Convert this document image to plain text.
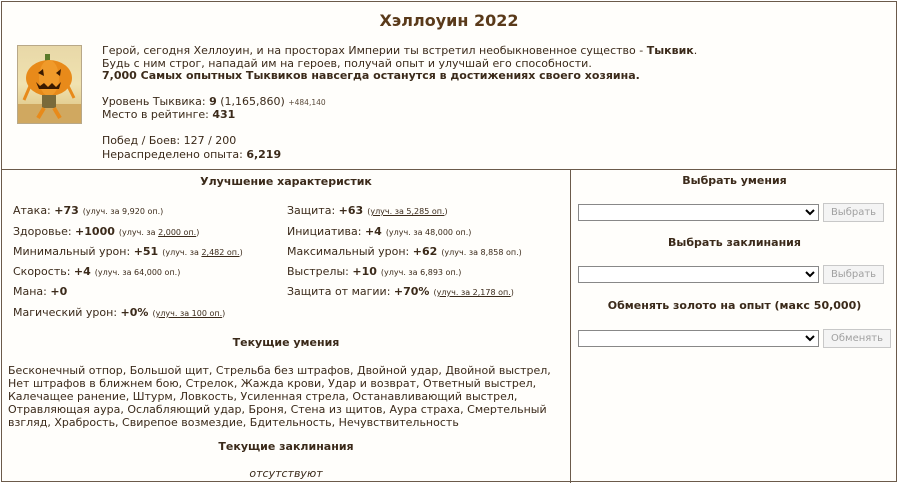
Хэллоуин 2022
Герой, сегодня Хеллоуин, и на просторах Империи ты встретил необыкновенное существо - Тыквик.
Будь с ним строг, нападай им на героев, получай опыт и улучшай его способности.
7,000 Самых опытных Тыквиков навсегда останутся в достижениях своего хозяина.
Уровень Тыквика: 9 (1,165,860) +484,140
Место в рейтинге: 431
Побед / Боев: 127 / 200
Нераспределено опыта: 6,219
Улучшение характеристик
Атака: +73 (улуч. за 9,920 оп.)
Здоровье: +1000 (улуч. за 2,000 оп.)
Минимальный урон: +51 (улуч. за 2,482 оп.)
Скорость: +4 (улуч. за 64,000 оп.)
Мана: +0
Магический урон: +0% (улуч. за 100 оп.)
Защита: +63 (улуч. за 5,285 оп.)
Инициатива: +4 (улуч. за 48,000 оп.)
Максимальный урон: +62 (улуч. за 8,858 оп.)
Выстрелы: +10 (улуч. за 6,893 оп.)
Защита от магии: +70% (улуч. за 2,178 оп.)
Текущие умения
Бесконечный отпор, Большой щит, Стрельба без штрафов, Двойной удар, Двойной выстрел, Нет штрафов в ближнем бою, Стрелок, Жажда крови, Удар и возврат, Ответный выстрел, Калечащее ранение, Штурм, Ловкость, Усиленная стрела, Останавливающий выстрел, Отравляющая аура, Ослабляющий удар, Броня, Стена из щитов, Аура страха, Смертельный взгляд, Храбрость, Свирепое возмездие, Бдительность, Нечувствительность
Текущие заклинания
отсутствуют
Выбрать умения
Выбрать
Выбрать заклинания
Выбрать
Обменять золото на опыт (макс 50,000)
Обменять
